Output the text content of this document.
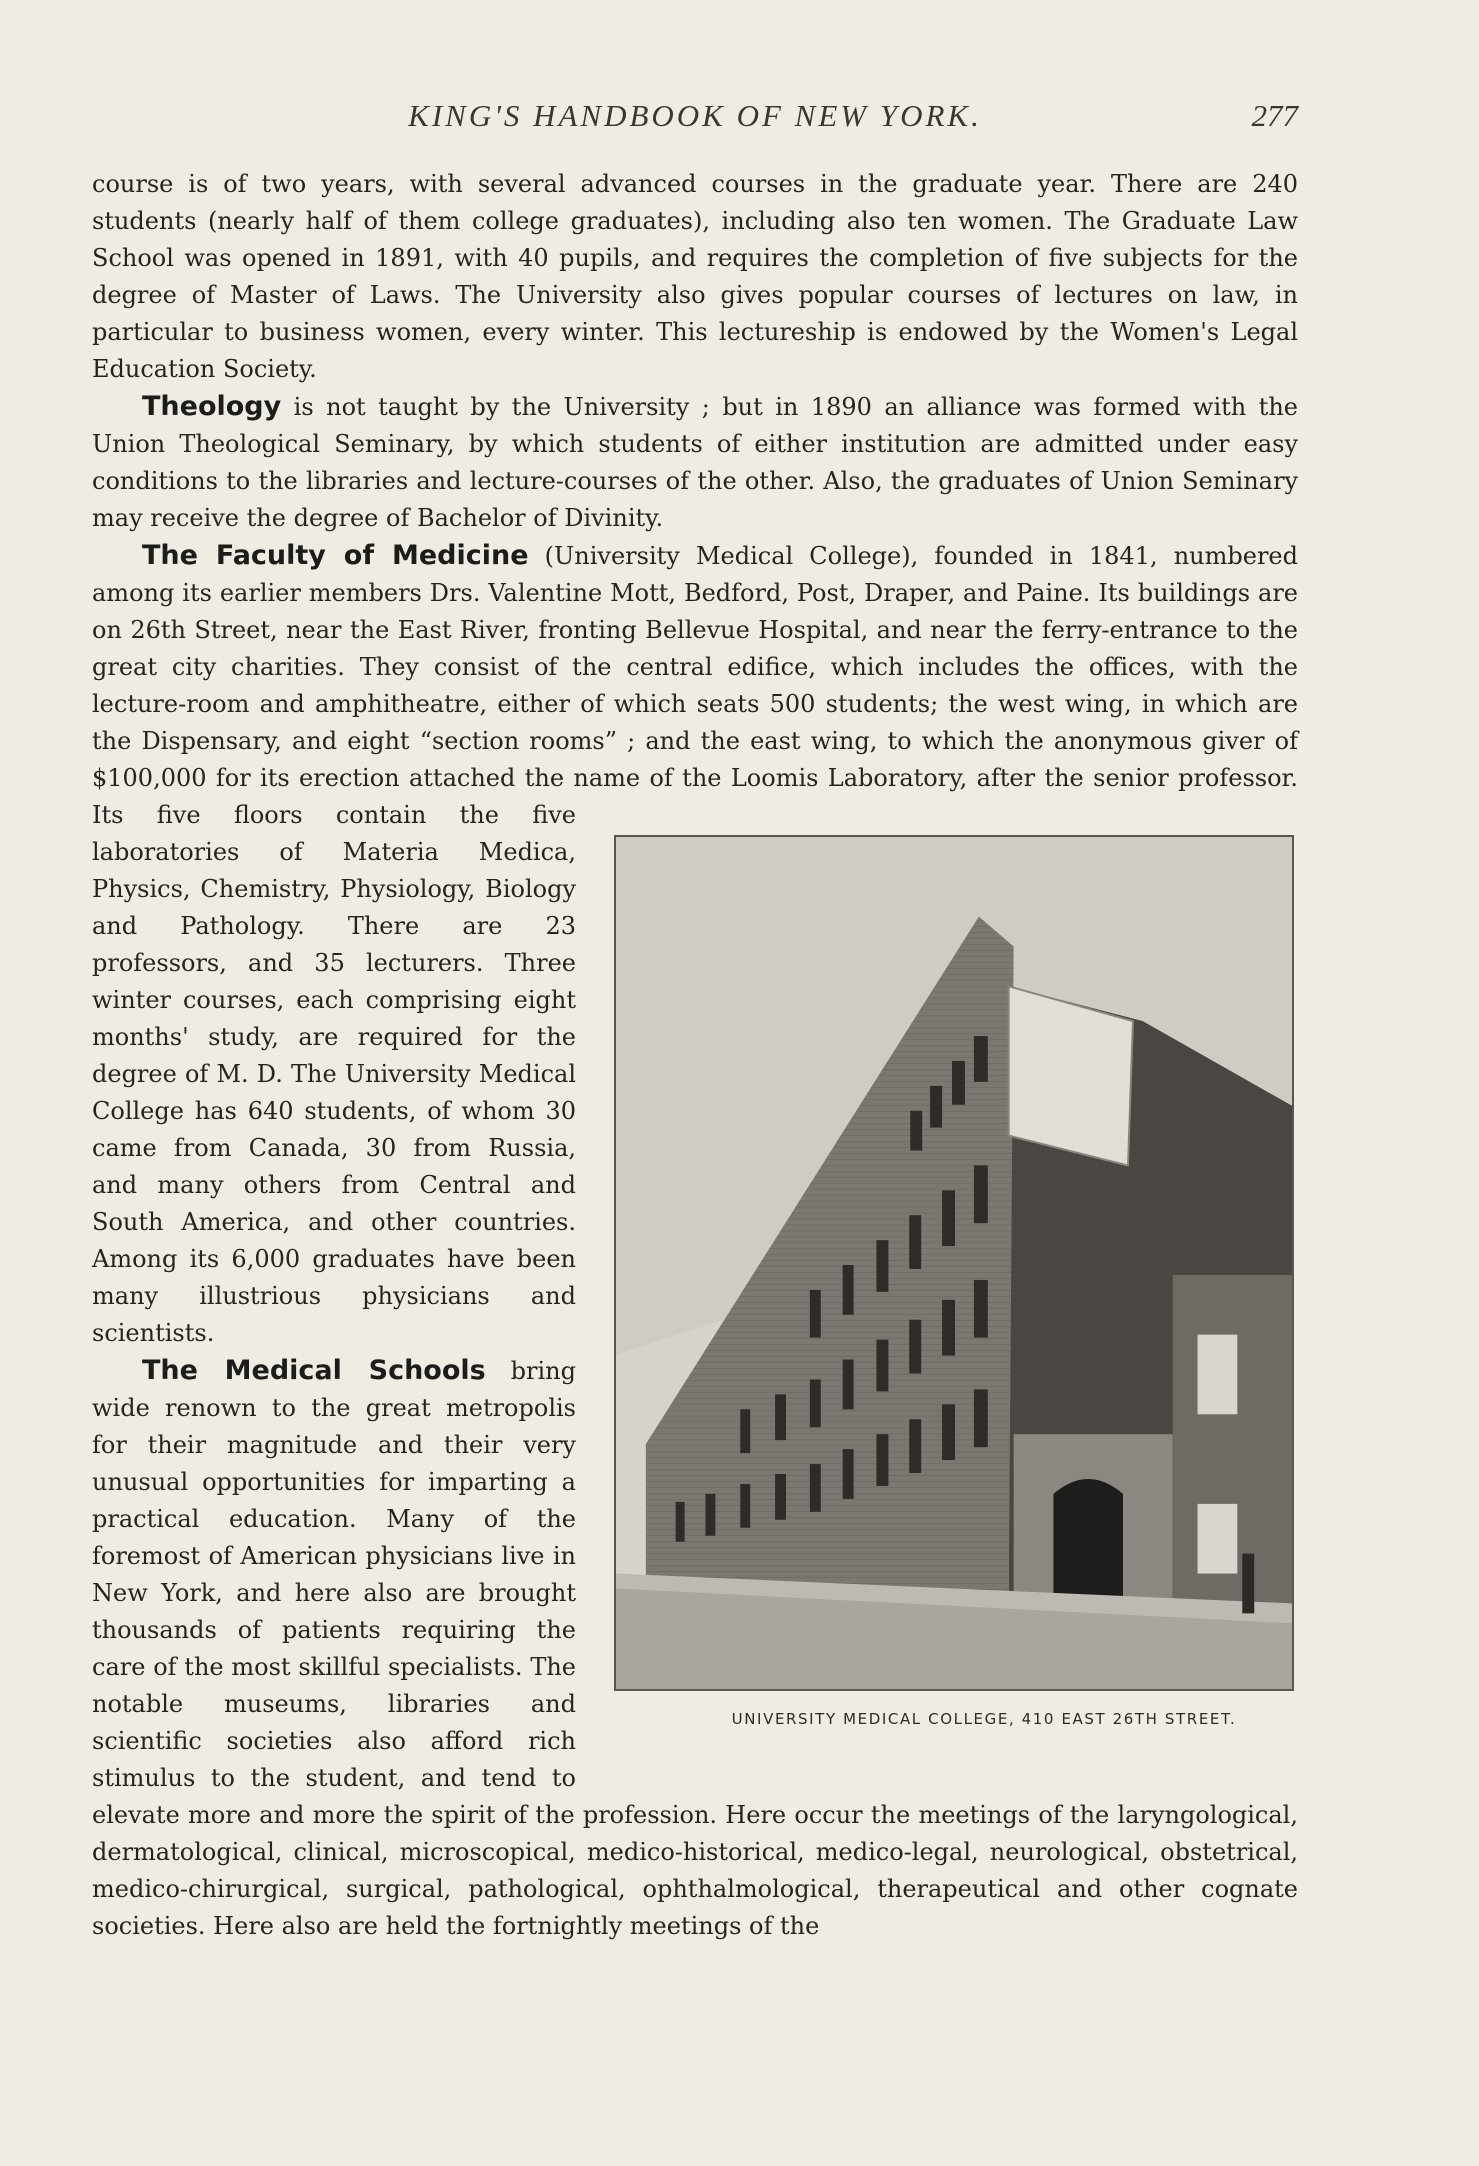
KING'S HANDBOOK OF NEW YORK.	277

course is of two years, with several advanced courses in the graduate year. There are 240 students (nearly half of them college graduates), including also ten women. The Graduate Law School was opened in 1891, with 40 pupils, and requires the completion of five subjects for the degree of Master of Laws. The University also gives popular courses of lectures on law, in particular to business women, every winter. This lectureship is endowed by the Women's Legal Education Society.

Theology is not taught by the University ; but in 1890 an alliance was formed with the Union Theological Seminary, by which students of either institution are admitted under easy conditions to the libraries and lecture-courses of the other. Also, the graduates of Union Seminary may receive the degree of Bachelor of Divinity.

The Faculty of Medicine (University Medical College), founded in 1841, numbered among its earlier members Drs. Valentine Mott, Bedford, Post, Draper, and Paine. Its buildings are on 26th Street, near the East River, fronting Bellevue Hospital, and near the ferry-entrance to the great city charities. They consist of the central edifice, which includes the offices, with the lecture-room and amphitheatre, either of which seats 500 students; the west wing, in which are the Dispensary, and eight “section rooms” ; and the east wing, to which the anonymous giver of $100,000 for its erection attached the name of the Loomis Laboratory, after the senior professor.
UNIVERSITY MEDICAL COLLEGE, 410 EAST 26TH STREET.
Its five floors contain the five laboratories of Materia Medica, Physics, Chemistry, Physiology, Biology and Pathology. There are 23 professors, and 35 lecturers. Three winter courses, each comprising eight months' study, are required for the degree of M. D. The University Medical College has 640 students, of whom 30 came from Canada, 30 from Russia, and many others from Central and South America, and other countries. Among its 6,000 graduates have been many illustrious physicians and scientists.

The Medical Schools bring wide renown to the great metropolis for their magnitude and their very unusual opportunities for imparting a practical education. Many of the foremost of American physicians live in New York, and here also are brought thousands of patients requiring the care of the most skillful specialists. The notable museums, libraries and scientific societies also afford rich stimulus to the student, and tend to elevate more and more the spirit of the profession. Here occur the meetings of the laryngological, dermatological, clinical, microscopical, medico-historical, medico-legal, neurological, obstetrical, medico-chirurgical, surgical, pathological, ophthalmological, therapeutical and other cognate societies. Here also are held the fortnightly meetings of the
